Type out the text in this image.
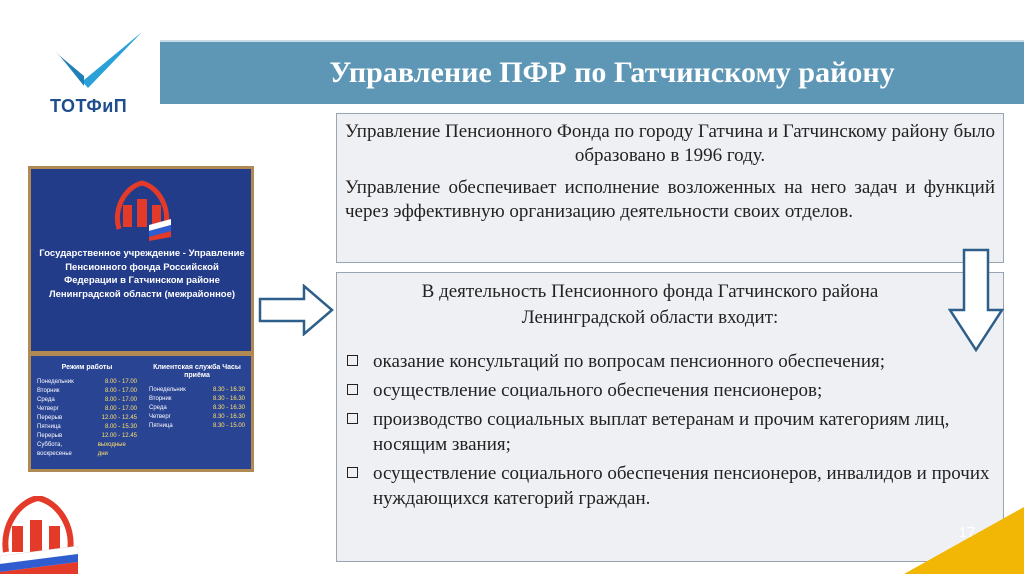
ТОТФиП
Управление ПФР по Гатчинскому району

Управление Пенсионного Фонда по городу Гатчина и Гатчинскому району было образовано в 1996 году.

Управление обеспечивает исполнение возложенных на него задач и функций через эффективную организацию деятельности своих отделов.

В деятельность Пенсионного фонда Гатчинского района Ленинградской области входит:

оказание консультаций по вопросам пенсионного обеспечения;
осуществление социального обеспечения пенсионеров;
производство социальных выплат ветеранам и прочим категориям лиц, носящим звания;
осуществление социального обеспечения пенсионеров, инвалидов и прочих нуждающихся категорий граждан.
Государственное учреждение - Управление Пенсионного фонда Российской Федерации в Гатчинском районе Ленинградской области (межрайонное)
Режим работы
Понедельник	8.00 - 17.00
Вторник	8.00 - 17.00
Среда	8.00 - 17.00
Четверг	8.00 - 17.00
Перерыв	12.00 - 12.45
Пятница	8.00 - 15.30
Перерыв	12.00 - 12.45
Суббота, воскресенье
выходные дни
Клиентская служба Часы приёма
Понедельник	8.30 - 16.30
Вторник	8.30 - 16.30
Среда	8.30 - 16.30
Четверг	8.30 - 16.30
Пятница	8.30 - 15.00
17
